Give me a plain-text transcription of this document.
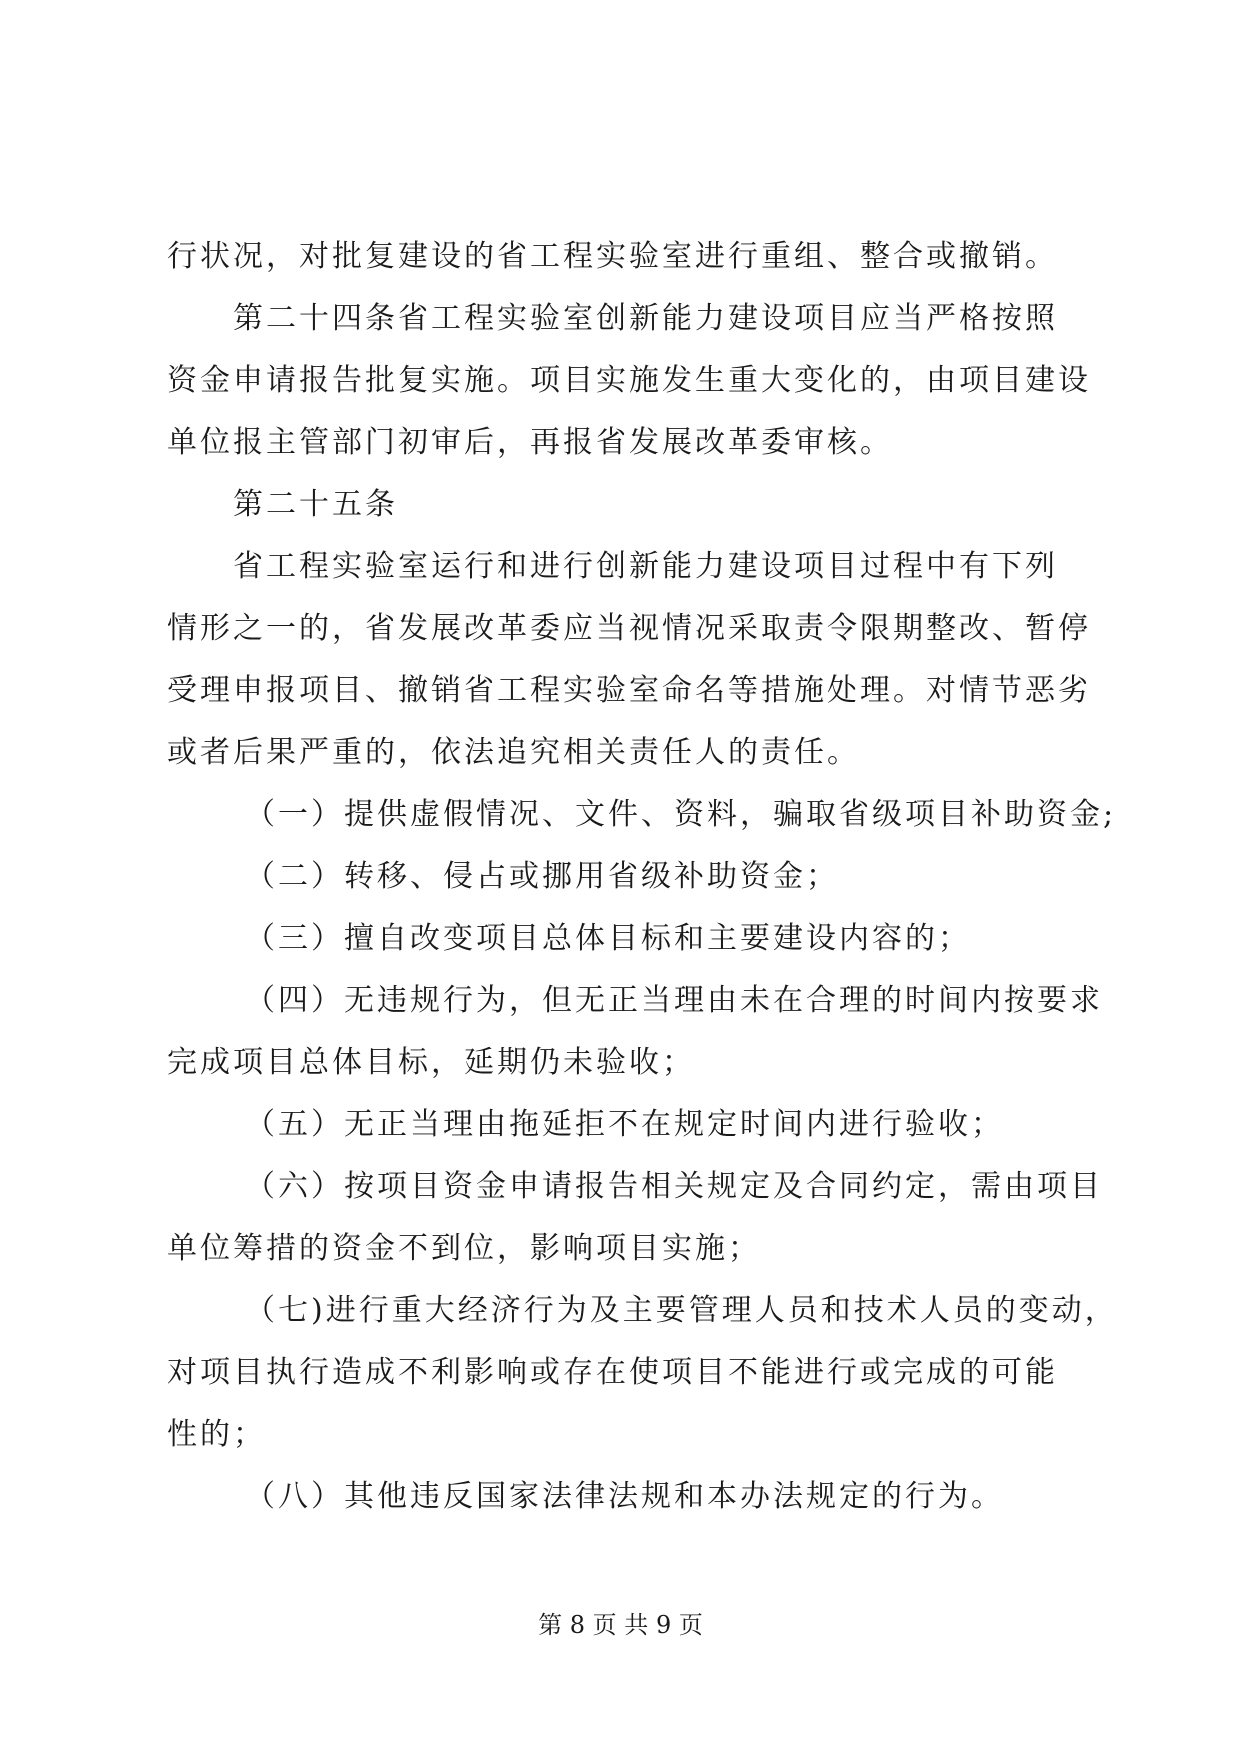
行状况，对批复建设的省工程实验室进行重组、整合或撤销。
第二十四条省工程实验室创新能力建设项目应当严格按照
资金申请报告批复实施。项目实施发生重大变化的，由项目建设
单位报主管部门初审后，再报省发展改革委审核。
第二十五条
省工程实验室运行和进行创新能力建设项目过程中有下列
情形之一的，省发展改革委应当视情况采取责令限期整改、暂停
受理申报项目、撤销省工程实验室命名等措施处理。对情节恶劣
或者后果严重的，依法追究相关责任人的责任。
（一）提供虚假情况、文件、资料，骗取省级项目补助资金;
（二）转移、侵占或挪用省级补助资金；
（三）擅自改变项目总体目标和主要建设内容的；
（四）无违规行为，但无正当理由未在合理的时间内按要求
完成项目总体目标，延期仍未验收；
（五）无正当理由拖延拒不在规定时间内进行验收；
（六）按项目资金申请报告相关规定及合同约定，需由项目
单位筹措的资金不到位，影响项目实施；
（七)进行重大经济行为及主要管理人员和技术人员的变动，
对项目执行造成不利影响或存在使项目不能进行或完成的可能
性的；
（八）其他违反国家法律法规和本办法规定的行为。
第 8 页 共 9 页
